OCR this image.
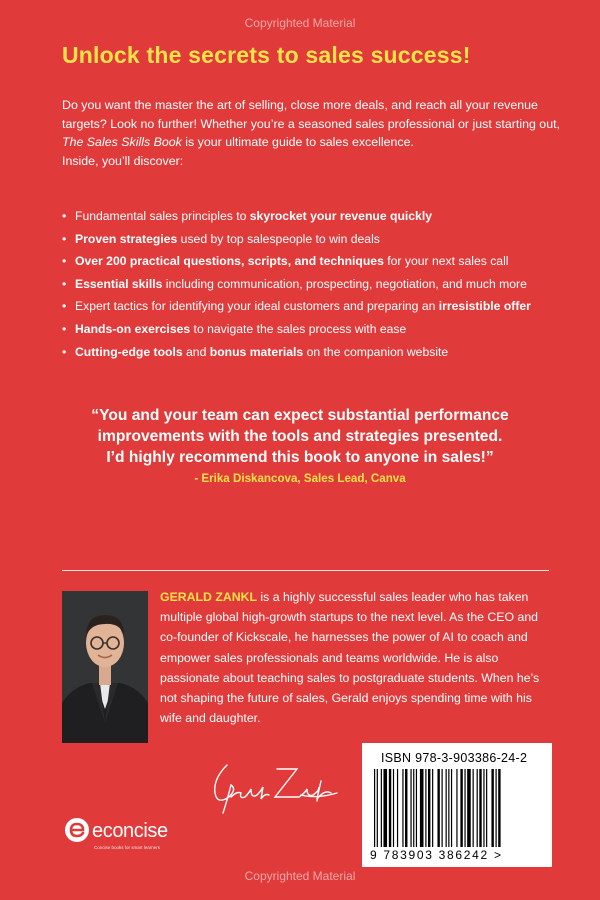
Copyrighted Material
Unlock the secrets to sales success!
Do you want the master the art of selling, close more deals, and reach all your revenue targets? Look no further! Whether you’re a seasoned sales professional or just starting out, The Sales Skills Book is your ultimate guide to sales excellence.
Inside, you’ll discover:
• Fundamental sales principles to skyrocket your revenue quickly
• Proven strategies used by top salespeople to win deals
• Over 200 practical questions, scripts, and techniques for your next sales call
• Essential skills including communication, prospecting, negotiation, and much more
• Expert tactics for identifying your ideal customers and preparing an irresistible offer
• Hands-on exercises to navigate the sales process with ease
• Cutting-edge tools and bonus materials on the companion website
“You and your team can expect substantial performance
improvements with the tools and strategies presented.
I’d highly recommend this book to anyone in sales!”
- Erika Diskancova, Sales Lead, Canva
GERALD ZANKL is a highly successful sales leader who has taken multiple global high-growth startups to the next level. As the CEO and co-founder of Kickscale, he harnesses the power of AI to coach and empower sales professionals and teams worldwide. He is also passionate about teaching sales to postgraduate students. When he’s not shaping the future of sales, Gerald enjoys spending time with his wife and daughter.
econcise
Concise books for smart learners
ISBN 978-3-903386-24-2
9 783903 386242 >
Copyrighted Material
